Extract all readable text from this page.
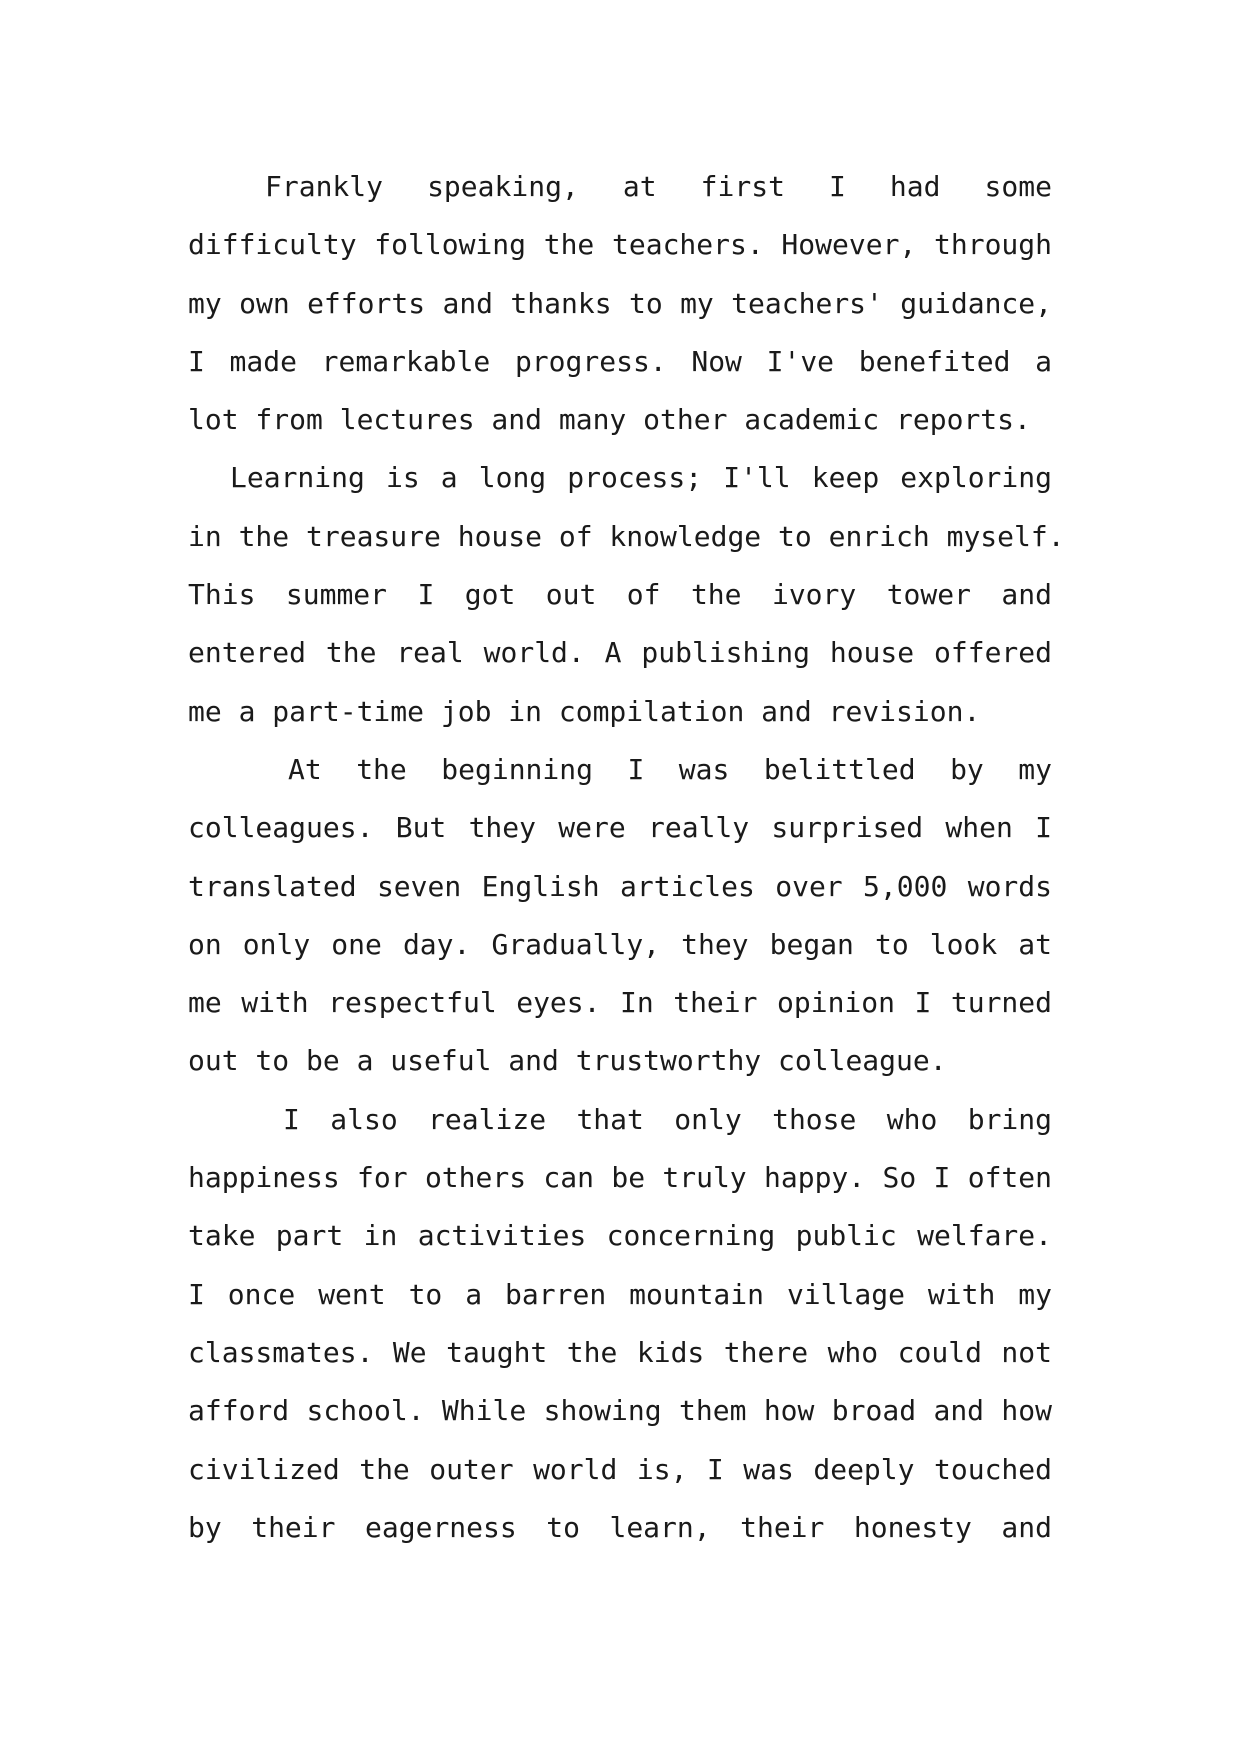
Frankly speaking, at first I had some
difficulty following the teachers. However, through
my own efforts and thanks to my teachers' guidance,
I made remarkable progress. Now I've benefited a
lot from lectures and many other academic reports.
Learning is a long process; I'll keep exploring
in the treasure house of knowledge to enrich myself.
This summer I got out of the ivory tower and
entered the real world. A publishing house offered
me a part-time job in compilation and revision.
At the beginning I was belittled by my
colleagues. But they were really surprised when I
translated seven English articles over 5,000 words
on only one day. Gradually, they began to look at
me with respectful eyes. In their opinion I turned
out to be a useful and trustworthy colleague.
I also realize that only those who bring
happiness for others can be truly happy. So I often
take part in activities concerning public welfare.
I once went to a barren mountain village with my
classmates. We taught the kids there who could not
afford school. While showing them how broad and how
civilized the outer world is, I was deeply touched
by their eagerness to learn, their honesty and
